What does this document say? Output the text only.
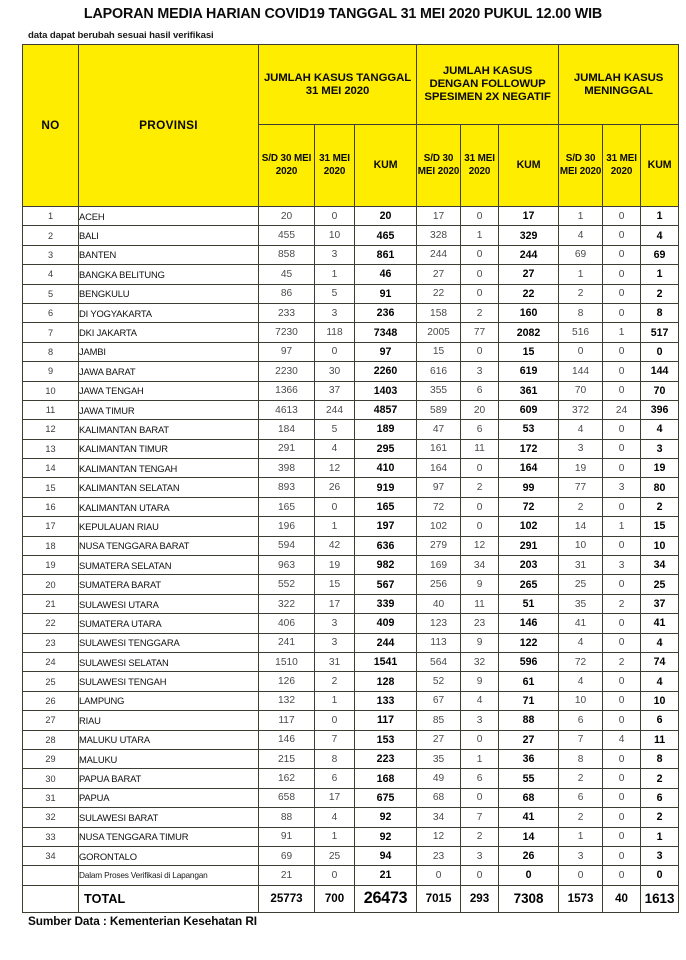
LAPORAN MEDIA HARIAN COVID19 TANGGAL 31 MEI 2020 PUKUL 12.00 WIB
data dapat berubah sesuai hasil verifikasi
NO	PROVINSI	JUMLAH KASUS TANGGAL 31 MEI 2020			JUMLAH KASUS DENGAN FOLLOWUP SPESIMEN 2X NEGATIF			JUMLAH KASUS MENINGGAL		
		S/D 30 MEI 2020	31 MEI 2020	KUM	S/D 30 MEI 2020	31 MEI 2020	KUM	S/D 30 MEI 2020	31 MEI 2020	KUM
1	ACEH	20	0	20	17	0	17	1	0	1
2	BALI	455	10	465	328	1	329	4	0	4
3	BANTEN	858	3	861	244	0	244	69	0	69
4	BANGKA BELITUNG	45	1	46	27	0	27	1	0	1
5	BENGKULU	86	5	91	22	0	22	2	0	2
6	DI YOGYAKARTA	233	3	236	158	2	160	8	0	8
7	DKI JAKARTA	7230	118	7348	2005	77	2082	516	1	517
8	JAMBI	97	0	97	15	0	15	0	0	0
9	JAWA BARAT	2230	30	2260	616	3	619	144	0	144
10	JAWA TENGAH	1366	37	1403	355	6	361	70	0	70
11	JAWA TIMUR	4613	244	4857	589	20	609	372	24	396
12	KALIMANTAN BARAT	184	5	189	47	6	53	4	0	4
13	KALIMANTAN TIMUR	291	4	295	161	11	172	3	0	3
14	KALIMANTAN TENGAH	398	12	410	164	0	164	19	0	19
15	KALIMANTAN SELATAN	893	26	919	97	2	99	77	3	80
16	KALIMANTAN UTARA	165	0	165	72	0	72	2	0	2
17	KEPULAUAN RIAU	196	1	197	102	0	102	14	1	15
18	NUSA TENGGARA BARAT	594	42	636	279	12	291	10	0	10
19	SUMATERA SELATAN	963	19	982	169	34	203	31	3	34
20	SUMATERA BARAT	552	15	567	256	9	265	25	0	25
21	SULAWESI UTARA	322	17	339	40	11	51	35	2	37
22	SUMATERA UTARA	406	3	409	123	23	146	41	0	41
23	SULAWESI TENGGARA	241	3	244	113	9	122	4	0	4
24	SULAWESI SELATAN	1510	31	1541	564	32	596	72	2	74
25	SULAWESI TENGAH	126	2	128	52	9	61	4	0	4
26	LAMPUNG	132	1	133	67	4	71	10	0	10
27	RIAU	117	0	117	85	3	88	6	0	6
28	MALUKU UTARA	146	7	153	27	0	27	7	4	11
29	MALUKU	215	8	223	35	1	36	8	0	8
30	PAPUA BARAT	162	6	168	49	6	55	2	0	2
31	PAPUA	658	17	675	68	0	68	6	0	6
32	SULAWESI BARAT	88	4	92	34	7	41	2	0	2
33	NUSA TENGGARA TIMUR	91	1	92	12	2	14	1	0	1
34	GORONTALO	69	25	94	23	3	26	3	0	3
	Dalam Proses Verifikasi di Lapangan	21	0	21	0	0	0	0	0	0
	TOTAL	25773	700	26473	7015	293	7308	1573	40	1613
Sumber Data : Kementerian Kesehatan RI
